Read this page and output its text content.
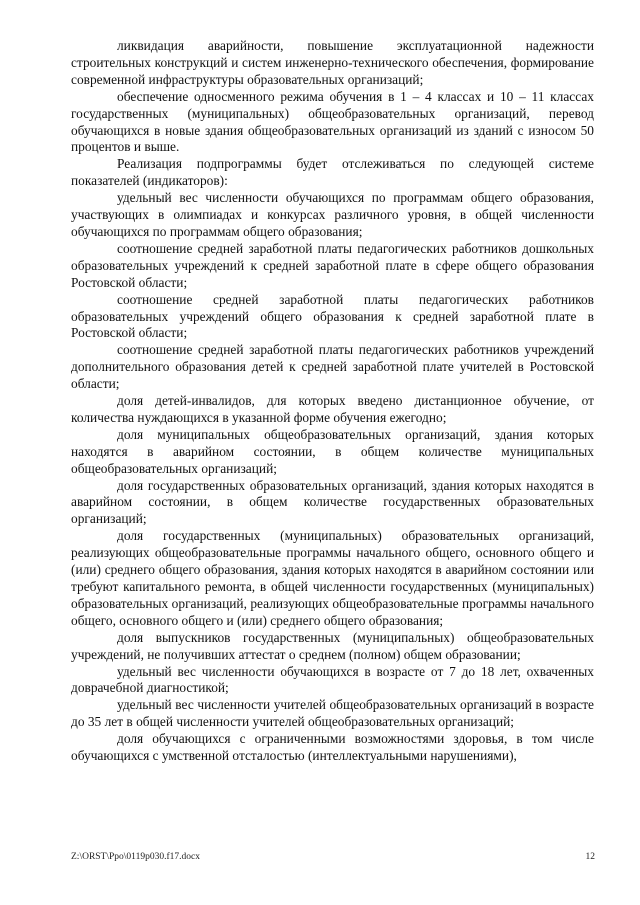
ликвидация аварийности, повышение эксплуатационной надежности строительных конструкций и систем инженерно-технического обеспечения, формирование современной инфраструктуры образовательных организаций;

обеспечение односменного режима обучения в 1 – 4 классах и 10 – 11 классах государственных (муниципальных) общеобразовательных организаций, перевод обучающихся в новые здания общеобразовательных организаций из зданий с износом 50 процентов и выше.

Реализация подпрограммы будет отслеживаться по следующей системе показателей (индикаторов):

удельный вес численности обучающихся по программам общего образования, участвующих в олимпиадах и конкурсах различного уровня, в общей численности обучающихся по программам общего образования;

соотношение средней заработной платы педагогических работников дошкольных образовательных учреждений к средней заработной плате в сфере общего образования Ростовской области;

соотношение средней заработной платы педагогических работников образовательных учреждений общего образования к средней заработной плате в Ростовской области;

соотношение средней заработной платы педагогических работников учреждений дополнительного образования детей к средней заработной плате учителей в Ростовской области;

доля детей-инвалидов, для которых введено дистанционное обучение, от количества нуждающихся в указанной форме обучения ежегодно;

доля муниципальных общеобразовательных организаций, здания которых находятся в аварийном состоянии, в общем количестве муниципальных общеобразовательных организаций;

доля государственных образовательных организаций, здания которых находятся в аварийном состоянии, в общем количестве государственных образовательных организаций;

доля государственных (муниципальных) образовательных организаций, реализующих общеобразовательные программы начального общего, основного общего и (или) среднего общего образования, здания которых находятся в аварийном состоянии или требуют капитального ремонта, в общей численности государственных (муниципальных) образовательных организаций, реализующих общеобразовательные программы начального общего, основного общего и (или) среднего общего образования;

доля выпускников государственных (муниципальных) общеобразовательных учреждений, не получивших аттестат о среднем (полном) общем образовании;

удельный вес численности обучающихся в возрасте от 7 до 18 лет, охваченных доврачебной диагностикой;

удельный вес численности учителей общеобразовательных организаций в возрасте до 35 лет в общей численности учителей общеобразовательных организаций;

доля обучающихся с ограниченными возможностями здоровья, в том числе обучающихся с умственной отсталостью (интеллектуальными нарушениями),

Z:\ORST\Ppo\0119p030.f17.docx	12
